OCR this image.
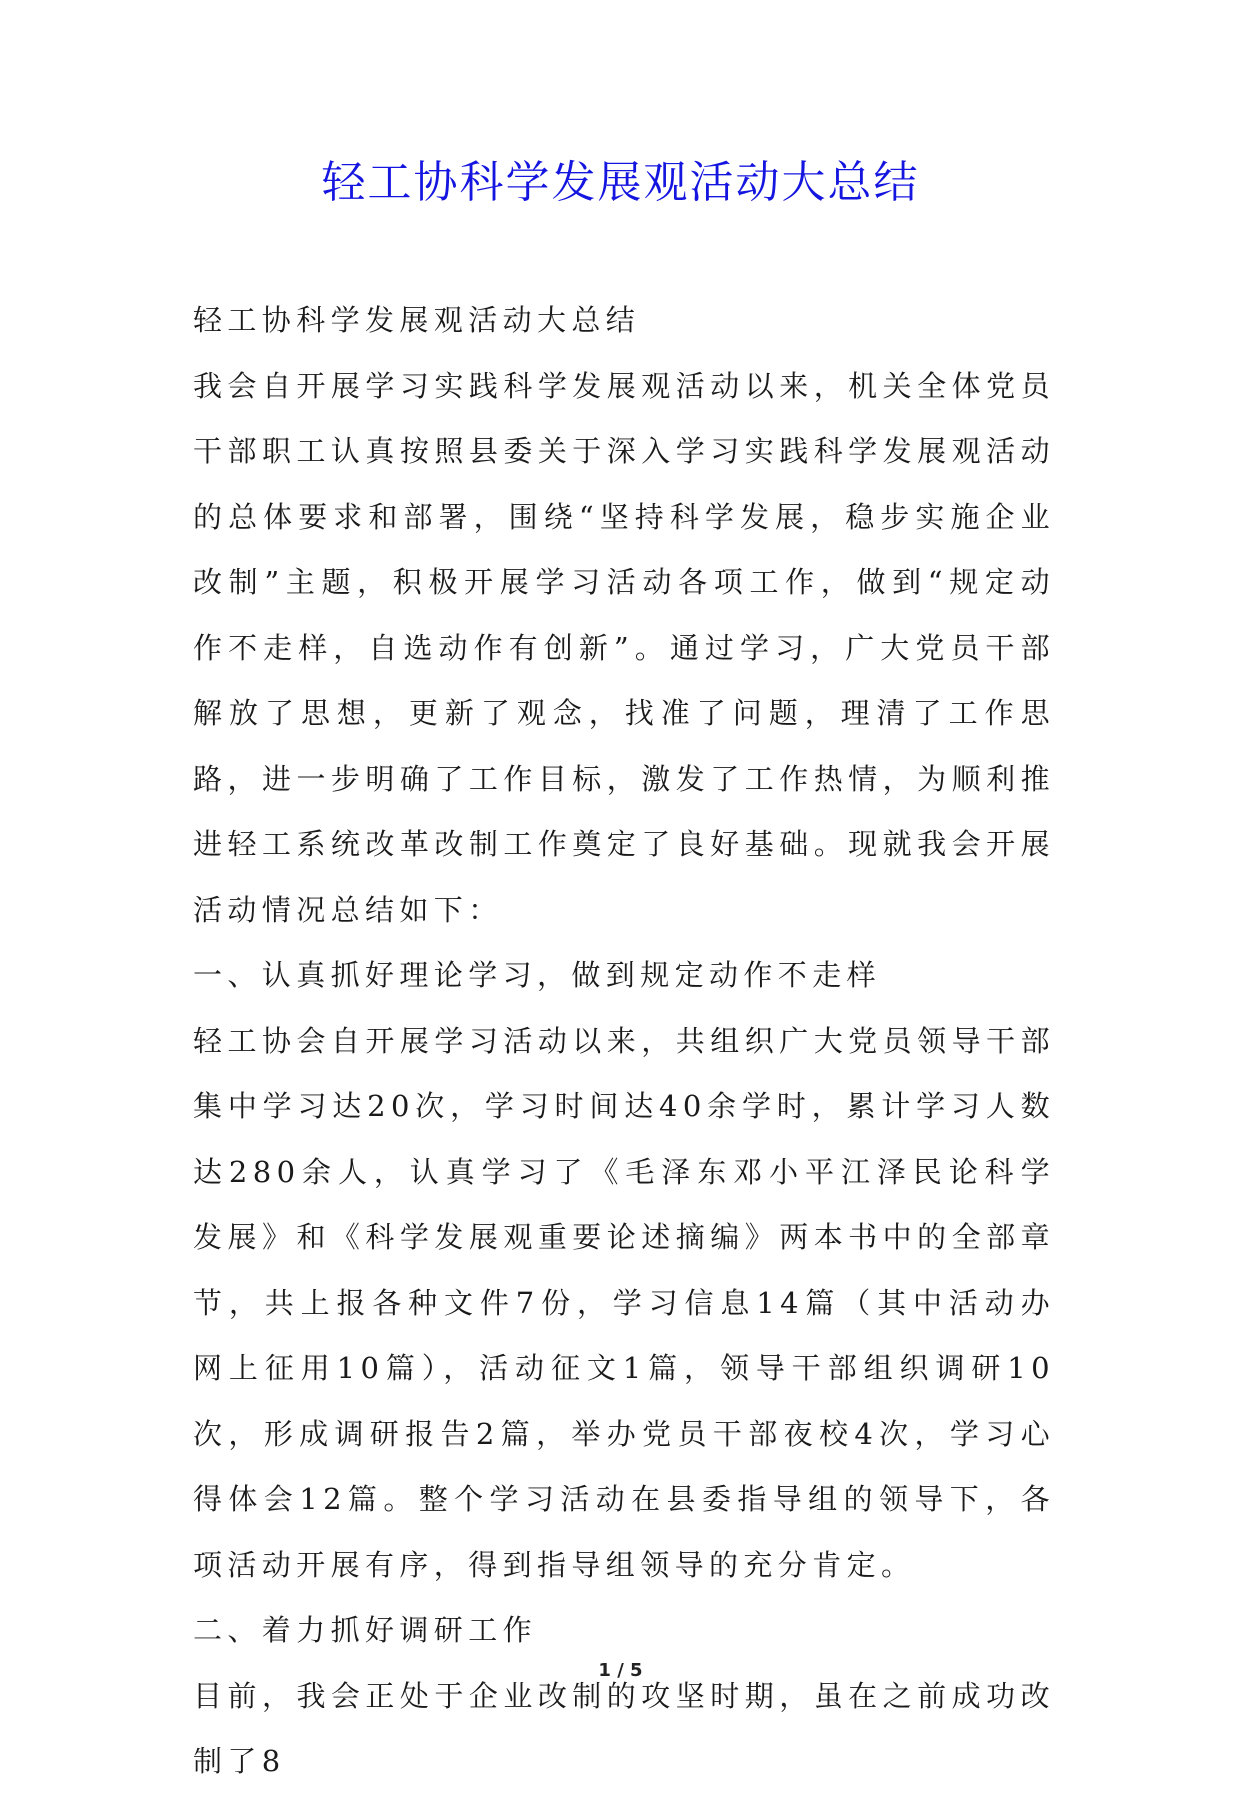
轻工协科学发展观活动大总结

轻工协科学发展观活动大总结

我会自开展学习实践科学发展观活动以来，机关全体党员干部职工认真按照县委关于深入学习实践科学发展观活动的总体要求和部署，围绕“坚持科学发展，稳步实施企业改制”主题，积极开展学习活动各项工作，做到“规定动作不走样，自选动作有创新”。通过学习，广大党员干部解放了思想，更新了观念，找准了问题，理清了工作思路，进一步明确了工作目标，激发了工作热情，为顺利推进轻工系统改革改制工作奠定了良好基础。现就我会开展活动情况总结如下：

一、认真抓好理论学习，做到规定动作不走样

轻工协会自开展学习活动以来，共组织广大党员领导干部集中学习达20次，学习时间达40余学时，累计学习人数达280余人，认真学习了《毛泽东邓小平江泽民论科学发展》和《科学发展观重要论述摘编》两本书中的全部章节，共上报各种文件7份，学习信息14篇（其中活动办网上征用10篇），活动征文1篇，领导干部组织调研10次，形成调研报告2篇，举办党员干部夜校4次，学习心得体会12篇。整个学习活动在县委指导组的领导下，各项活动开展有序，得到指导组领导的充分肯定。

二、着力抓好调研工作

目前，我会正处于企业改制的攻坚时期，虽在之前成功改制了8

1 / 5
